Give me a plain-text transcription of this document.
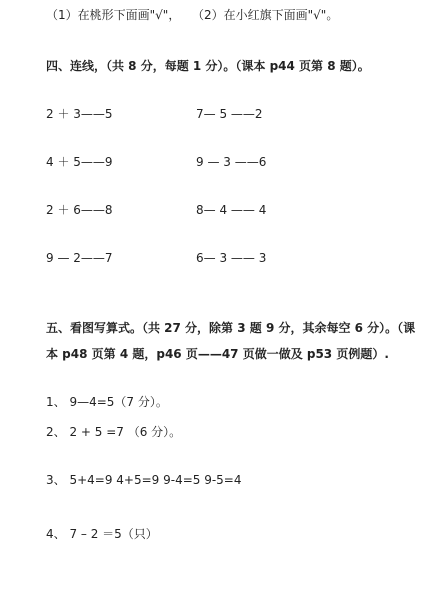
（1）在桃形下面画"√"， （2）在小红旗下面画"√"。
四、连线，（共 8 分，每题 1 分）。（课本 p44 页第 8 题）。
2 ＋ 3——5	7— 5 ——2
4 ＋ 5——9	9 — 3 ——6
2 ＋ 6——8	8— 4 —— 4
9 — 2——7	6— 3 —— 3
五、看图写算式。（共 27 分，除第 3 题 9 分，其余每空 6 分）。（课
本 p48 页第 4 题，p46 页——47 页做一做及 p53 页例题）.
1、 9—4=5（7 分）。
2、 2 + 5 =7 （6 分）。
3、 5+4=9 4+5=9 9-4=5 9-5=4
4、 7 – 2 ＝5（只）
